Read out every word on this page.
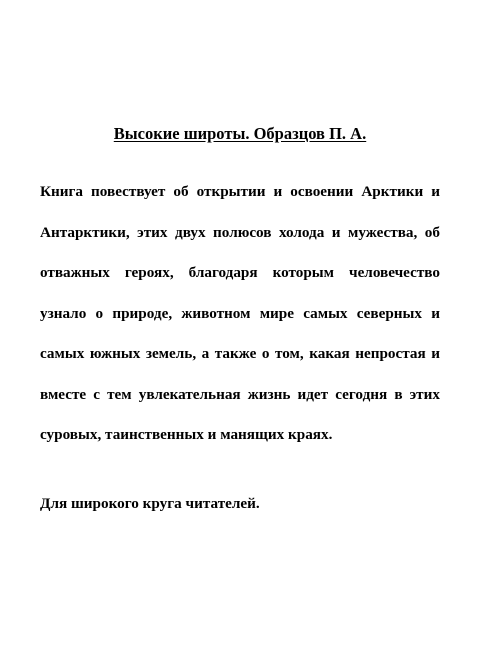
Высокие широты. Образцов П. А.

Книга повествует об открытии и освоении Арктики и Антарктики, этих двух полюсов холода и мужества, об отважных героях, благодаря которым человечество узнало о природе, животном мире самых северных и самых южных земель, а также о том, какая непростая и вместе с тем увлекательная жизнь идет сегодня в этих суровых, таинственных и манящих краях.

Для широкого круга читателей.
